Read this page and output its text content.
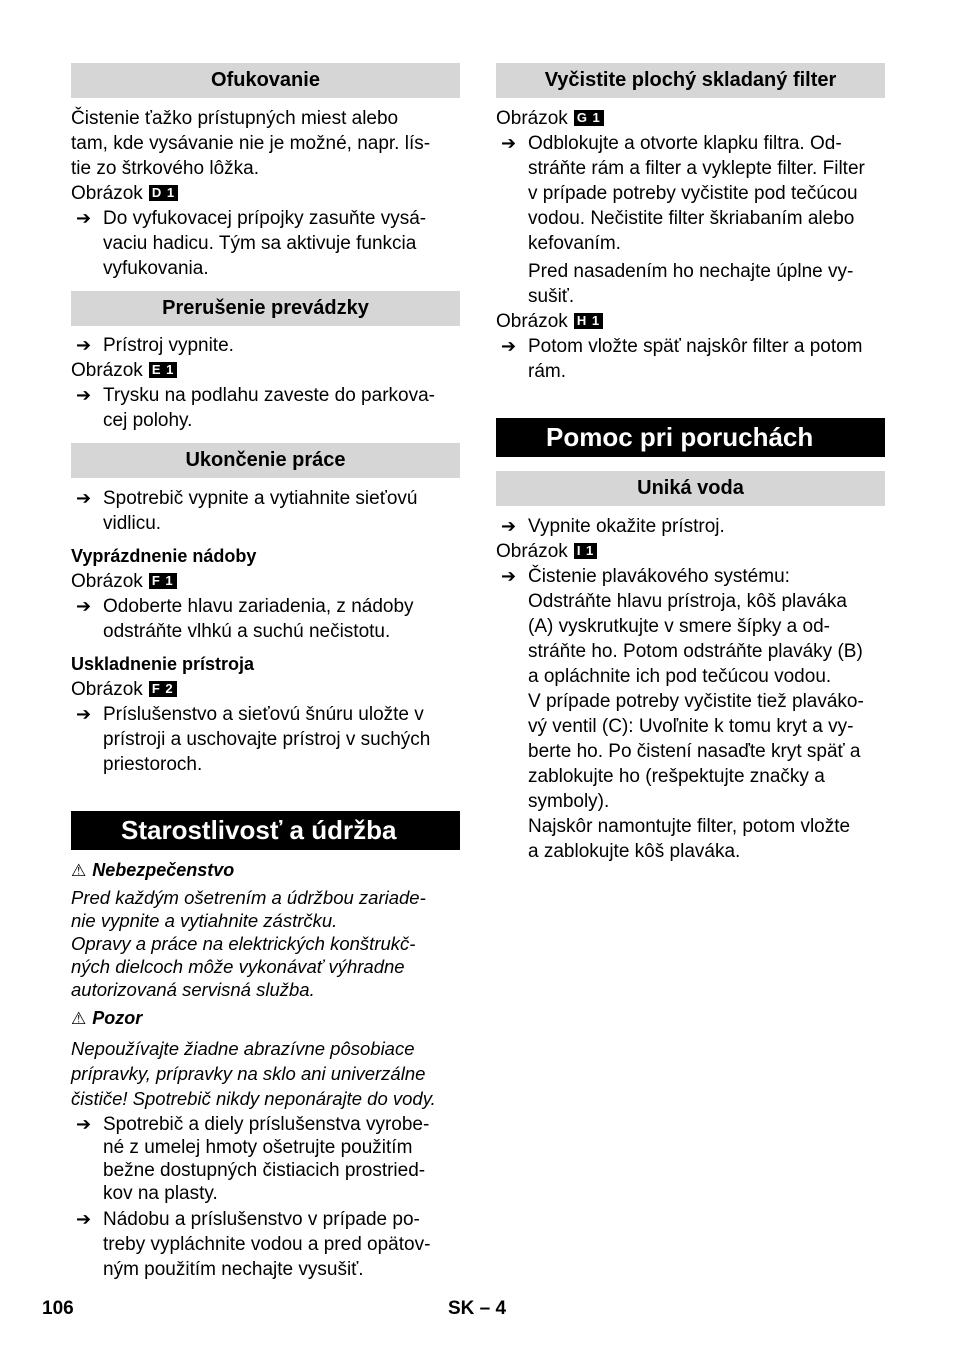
Ofukovanie

Čistenie ťažko prístupných miest alebo
tam, kde vysávanie nie je možné, napr. lís-
tie zo štrkového lôžka.

Obrázok D 1

➔ Do vyfukovacej prípojky zasuňte vysá-
vaciu hadicu. Tým sa aktivuje funkcia
vyfukovania.
Prerušenie prevádzky
➔ Prístroj vypnite.

Obrázok E 1

➔ Trysku na podlahu zaveste do parkova-
cej polohy.
Ukončenie práce
➔ Spotrebič vypnite a vytiahnite sieťovú
vidlicu.

Vyprázdnenie nádoby

Obrázok F 1

➔ Odoberte hlavu zariadenia, z nádoby
odstráňte vlhkú a suchú nečistotu.

Uskladnenie prístroja

Obrázok F 2

➔ Príslušenstvo a sieťovú šnúru uložte v
prístroji a uschovajte prístroj v suchých
priestoroch.
Starostlivosť a údržba

⚠ Nebezpečenstvo

Pred každým ošetrením a údržbou zariade-
nie vypnite a vytiahnite zástrčku.
Opravy a práce na elektrických konštrukč-
ných dielcoch môže vykonávať výhradne
autorizovaná servisná služba.

⚠ Pozor

Nepoužívajte žiadne abrazívne pôsobiace
prípravky, prípravky na sklo ani univerzálne
čističe! Spotrebič nikdy neponárajte do vody.

➔ Spotrebič a diely príslušenstva vyrobe-
né z umelej hmoty ošetrujte použitím
bežne dostupných čistiacich prostried-
kov na plasty.
➔ Nádobu a príslušenstvo v prípade po-
treby vypláchnite vodou a pred opätov-
ným použitím nechajte vysušiť.
Vyčistite plochý skladaný filter

Obrázok G 1

➔ Odblokujte a otvorte klapku filtra. Od-
stráňte rám a filter a vyklepte filter. Filter
v prípade potreby vyčistite pod tečúcou
vodou. Nečistite filter škriabaním alebo
kefovaním.

Pred nasadením ho nechajte úplne vy-
sušiť.

Obrázok H 1

➔ Potom vložte späť najskôr filter a potom
rám.
Pomoc pri poruchách
Uniká voda
➔ Vypnite okažite prístroj.

Obrázok I 1

➔ Čistenie plavákového systému:

Odstráňte hlavu prístroja, kôš plaváka
(A) vyskrutkujte v smere šípky a od-
stráňte ho. Potom odstráňte plaváky (B)
a opláchnite ich pod tečúcou vodou.

V prípade potreby vyčistite tiež plaváko-
vý ventil (C): Uvoľnite k tomu kryt a vy-
berte ho. Po čistení nasaďte kryt späť a
zablokujte ho (rešpektujte značky a
symboly).

Najskôr namontujte filter, potom vložte
a zablokujte kôš plaváka.

106	SK – 4
